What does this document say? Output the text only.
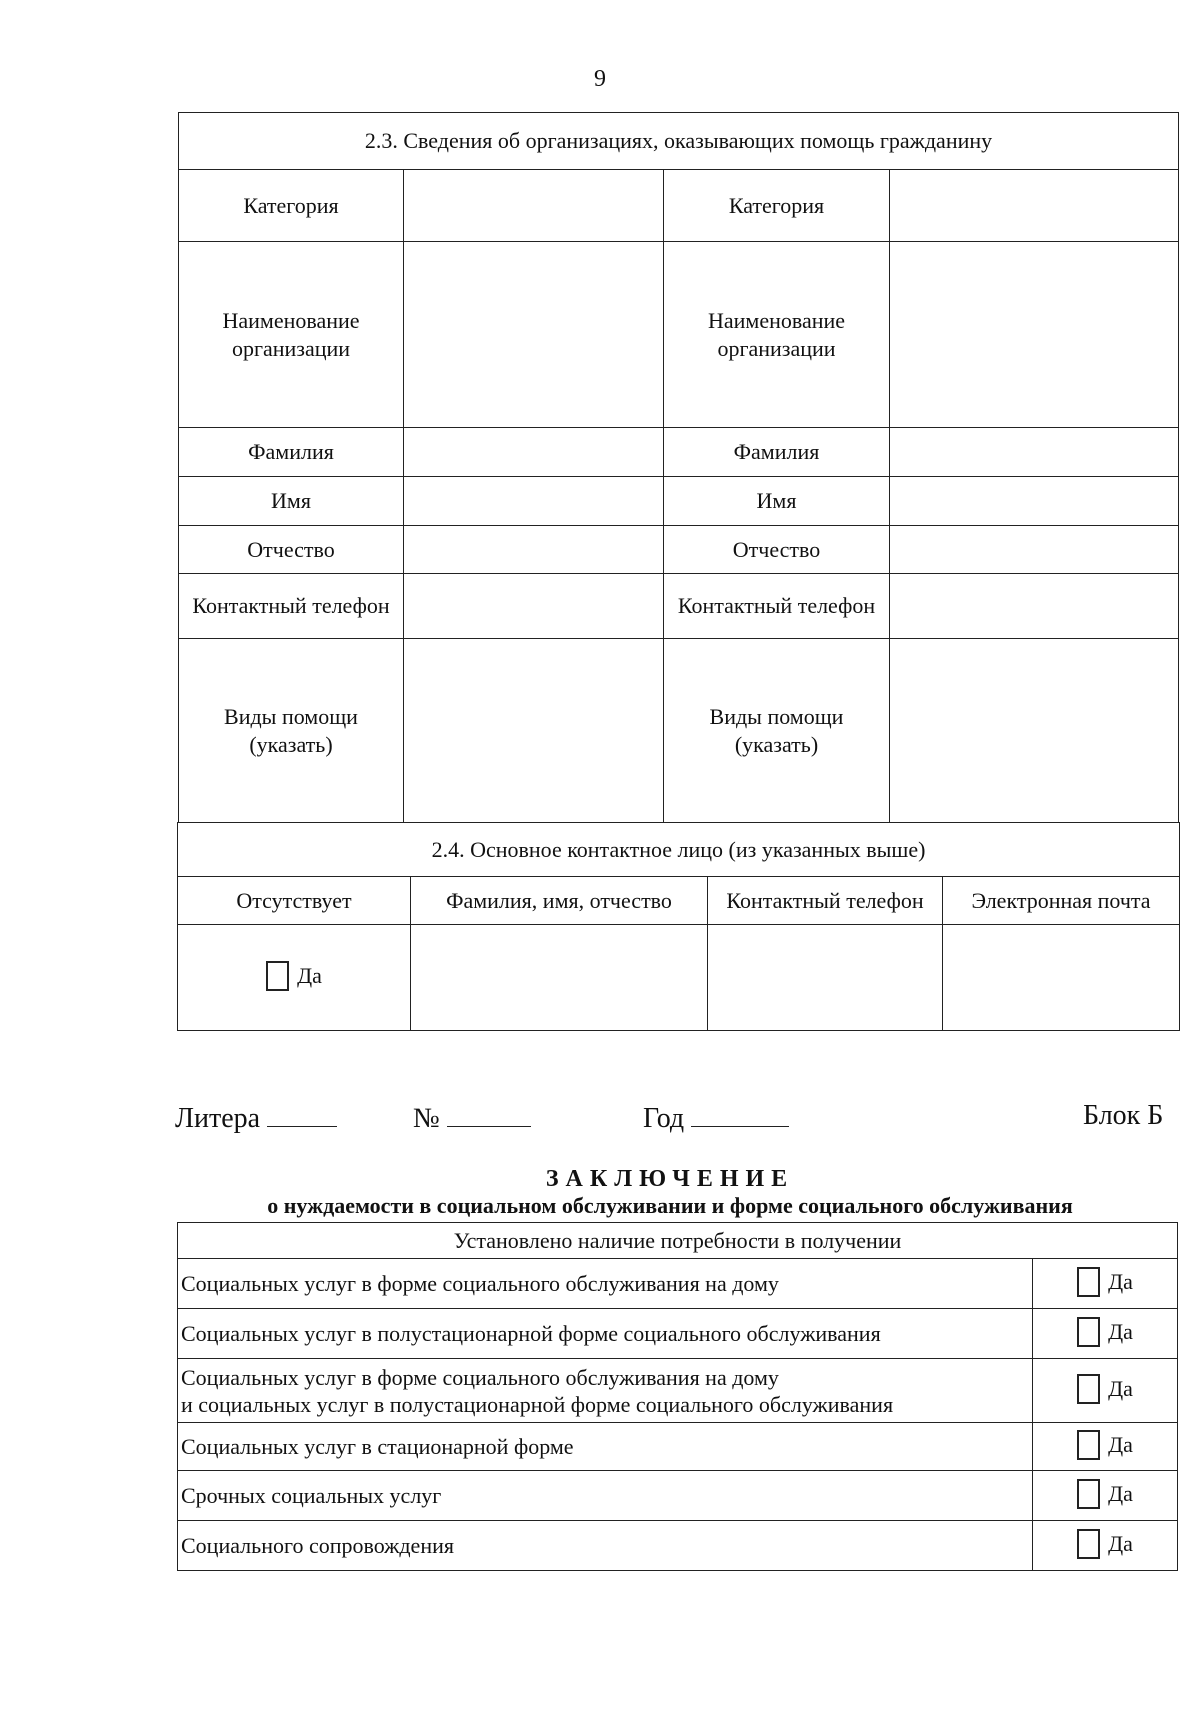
9
2.3. Сведения об организациях, оказывающих помощь гражданину			
Категория		Категория	
Наименование организации		Наименование организации	
Фамилия		Фамилия	
Имя		Имя	
Отчество		Отчество	
Контактный телефон		Контактный телефон	
Виды помощи (указать)		Виды помощи (указать)	
2.4. Основное контактное лицо (из указанных выше)			
Отсутствует	Фамилия, имя, отчество	Контактный телефон	Электронная почта
Да			
Литера	№	Год	Блок Б
ЗАКЛЮЧЕНИЕ
о нуждаемости в социальном обслуживании и форме социального обслуживания
Установлено наличие потребности в получении	
Социальных услуг в форме социального обслуживания на дому	Да
Социальных услуг в полустационарной форме социального обслуживания	Да

Социальных услуг в форме социального обслуживания на дому
и социальных услуг в полустационарной форме социального обслуживания	Да
Социальных услуг в стационарной форме	Да
Срочных социальных услуг	Да
Социального сопровождения	Да
